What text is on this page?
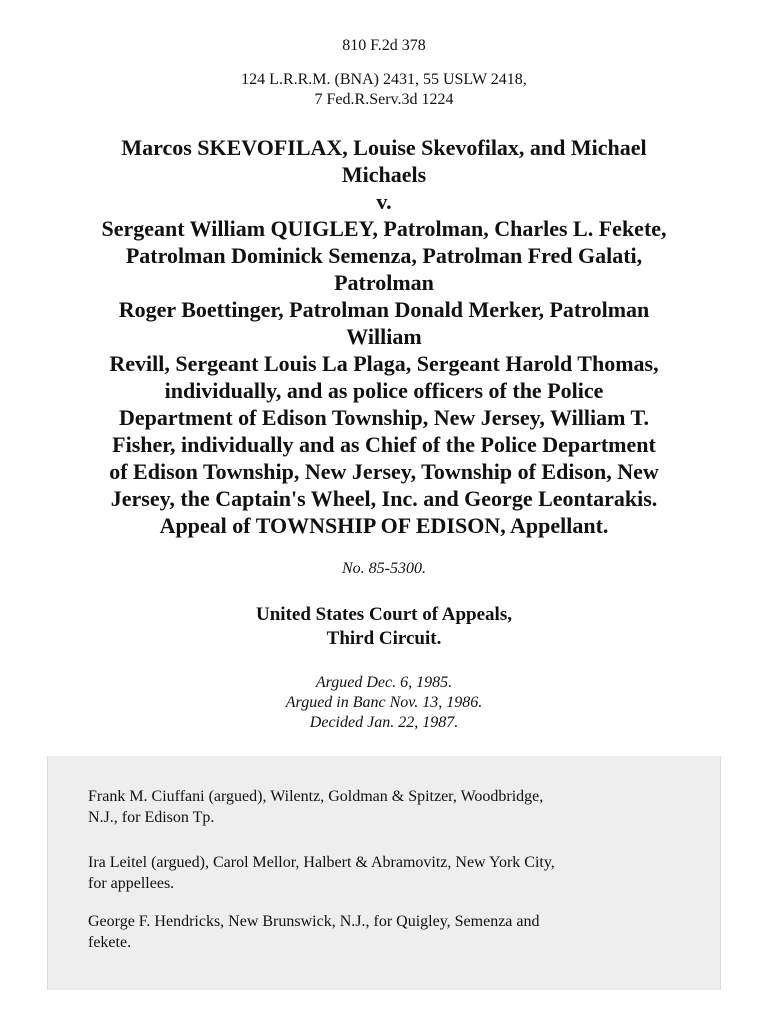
810 F.2d 378
124 L.R.R.M. (BNA) 2431, 55 USLW 2418,
7 Fed.R.Serv.3d 1224
Marcos SKEVOFILAX, Louise Skevofilax, and Michael
Michaels
v.
Sergeant William QUIGLEY, Patrolman, Charles L. Fekete,
Patrolman Dominick Semenza, Patrolman Fred Galati,
Patrolman
Roger Boettinger, Patrolman Donald Merker, Patrolman
William
Revill, Sergeant Louis La Plaga, Sergeant Harold Thomas,
individually, and as police officers of the Police
Department of Edison Township, New Jersey, William T.
Fisher, individually and as Chief of the Police Department
of Edison Township, New Jersey, Township of Edison, New
Jersey, the Captain's Wheel, Inc. and George Leontarakis.
Appeal of TOWNSHIP OF EDISON, Appellant.
No. 85-5300.
United States Court of Appeals,
Third Circuit.
Argued Dec. 6, 1985.
Argued in Banc Nov. 13, 1986.
Decided Jan. 22, 1987.
Frank M. Ciuffani (argued), Wilentz, Goldman & Spitzer, Woodbridge,
N.J., for Edison Tp.
Ira Leitel (argued), Carol Mellor, Halbert & Abramovitz, New York City,
for appellees.
George F. Hendricks, New Brunswick, N.J., for Quigley, Semenza and
fekete.
